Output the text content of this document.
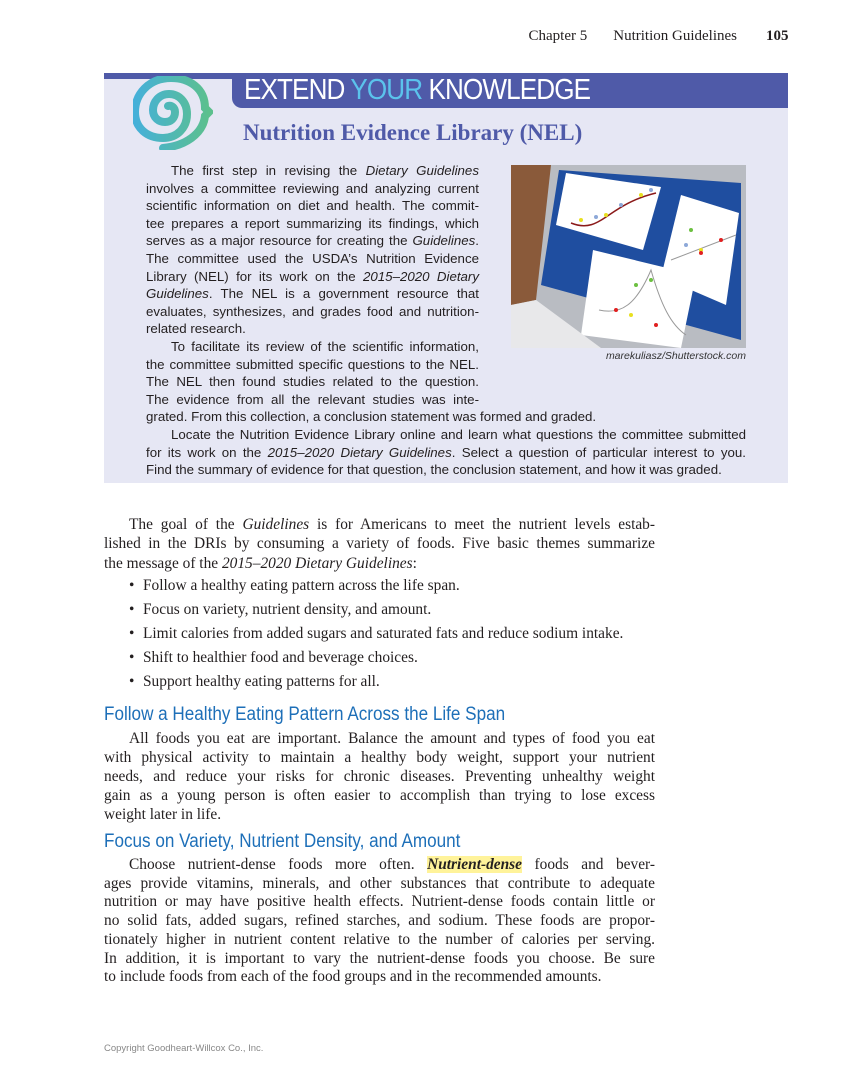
Chapter 5 Nutrition Guidelines 105
EXTEND YOUR KNOWLEDGE
Nutrition Evidence Library (NEL)
marekuliasz/Shutterstock.com
The first step in revising the Dietary Guidelines
involves a committee reviewing and analyzing current
scientific information on diet and health. The commit-
tee prepares a report summarizing its findings, which
serves as a major resource for creating the Guidelines.
The committee used the USDA’s Nutrition Evidence
Library (NEL) for its work on the 2015–2020 Dietary
Guidelines. The NEL is a government resource that
evaluates, synthesizes, and grades food and nutrition-
related research.
To facilitate its review of the scientific information,
the committee submitted specific questions to the NEL.
The NEL then found studies related to the question.
The evidence from all the relevant studies was inte-
grated. From this collection, a conclusion statement was formed and graded.
Locate the Nutrition Evidence Library online and learn what questions the committee submitted
for its work on the 2015–2020 Dietary Guidelines. Select a question of particular interest to you.
Find the summary of evidence for that question, the conclusion statement, and how it was graded.
The goal of the Guidelines is for Americans to meet the nutrient levels estab-
lished in the DRIs by consuming a variety of foods. Five basic themes summarize
the message of the 2015–2020 Dietary Guidelines:
All foods you eat are important. Balance the amount and types of food you eat
with physical activity to maintain a healthy body weight, support your nutrient
needs, and reduce your risks for chronic diseases. Preventing unhealthy weight
gain as a young person is often easier to accomplish than trying to lose excess
weight later in life.
Choose nutrient-dense foods more often. Nutrient-dense foods and bever-
ages provide vitamins, minerals, and other substances that contribute to adequate
nutrition or may have positive health effects. Nutrient-dense foods contain little or
no solid fats, added sugars, refined starches, and sodium. These foods are propor-
tionately higher in nutrient content relative to the number of calories per serving.
In addition, it is important to vary the nutrient-dense foods you choose. Be sure
to include foods from each of the food groups and in the recommended amounts.
Follow a Healthy Eating Pattern Across the Life Span
Focus on Variety, Nutrient Density, and Amount
• Follow a healthy eating pattern across the life span.
• Focus on variety, nutrient density, and amount.
• Limit calories from added sugars and saturated fats and reduce sodium intake.
• Shift to healthier food and beverage choices.
• Support healthy eating patterns for all.
Copyright Goodheart-Willcox Co., Inc.
